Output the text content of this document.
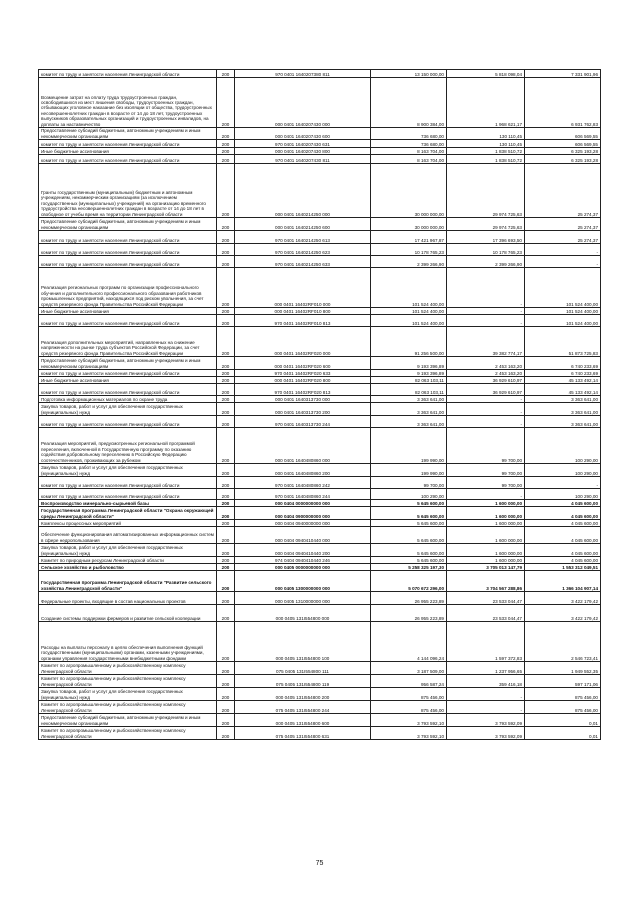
комитет по труду и занятости населения Ленинградской области	200	970 0401 1640207380 811	13 150 000,00	5 818 098,04	7 331 901,96
Возмещение затрат на оплату труда трудоустроенных граждан, освободившихся из мест лишения свободы, трудоустроенных граждан, отбывающих уголовное наказание без изоляции от общества, трудоустроенных несовершеннолетних граждан в возрасте от 14 до 18 лет, трудоустроенных выпускников образовательных организаций и трудоустроенных инвалидов, на доплаты за наставничество	200	000 0401 1640207430 000	8 900 384,00	1 968 621,17	6 931 762,83
Предоставление субсидий бюджетным, автономным учреждениям и иным некоммерческим организациям	200	000 0401 1640207430 600	736 680,00	130 110,45	606 569,55
комитет по труду и занятости населения Ленинградской области	200	970 0401 1640207430 631	736 680,00	130 110,45	606 569,55
Иные бюджетные ассигнования	200	000 0401 1640207430 800	8 163 704,00	1 838 510,72	6 325 193,28
комитет по труду и занятости населения Ленинградской области	200	970 0401 1640207430 811	8 163 704,00	1 838 510,72	6 325 193,28
Гранты государственным (муниципальным) бюджетным и автономным учреждениям, некоммерческим организациям (за исключением государственных (муниципальных) учреждений) на организацию временного трудоустройства несовершеннолетних граждан в возрасте от 14 до 18 лет в свободное от учебы время на территории Ленинградской области	200	000 0401 1640214250 000	30 000 000,00	29 974 725,63	25 274,37
Предоставление субсидий бюджетным, автономным учреждениям и иным некоммерческим организациям	200	000 0401 1640214250 600	30 000 000,00	29 974 725,63	25 274,37
комитет по труду и занятости населения Ленинградской области	200	970 0401 1640214250 613	17 421 967,87	17 396 693,50	25 274,37
комитет по труду и занятости населения Ленинградской области	200	970 0401 1640214250 623	10 178 765,23	10 178 765,23	-
комитет по труду и занятости населения Ленинградской области	200	970 0401 1640214250 633	2 399 266,90	2 399 266,90	-
Реализация региональных программ по организации профессионального обучения и дополнительного профессионального образования работников промышленных предприятий, находящихся под риском увольнения, за счет средств резервного фонда Правительства Российской Федерации	200	000 0401 16402RF010 000	101 524 400,00	-	101 524 400,00
Иные бюджетные ассигнования	200	000 0401 16402RF010 800	101 524 400,00	-	101 524 400,00
комитет по труду и занятости населения Ленинградской области	200	970 0401 16402RF010 813	101 524 400,00	-	101 524 400,00
Реализация дополнительных мероприятий, направленных на снижение напряженности на рынке труда субъектов Российской Федерации, за счет средств резервного фонда Правительства Российской Федерации	200	000 0401 16402RF020 000	91 256 500,00	39 382 774,17	51 873 725,83
Предоставление субсидий бюджетным, автономным учреждениям и иным некоммерческим организациям	200	000 0401 16402RF020 600	9 193 396,89	2 453 163,20	6 740 233,69
комитет по труду и занятости населения Ленинградской области	200	970 0401 16402RF020 633	9 193 396,89	2 453 163,20	6 740 233,69
Иные бюджетные ассигнования	200	000 0401 16402RF020 800	82 063 103,11	36 929 610,97	45 133 492,14
комитет по труду и занятости населения Ленинградской области	200	970 0401 16402RF020 813	82 063 103,11	36 929 610,97	45 133 492,14
Подготовка информационных материалов по охране труда	200	000 0401 1640313730 000	3 363 641,00	-	3 363 641,00
Закупка товаров, работ и услуг для обеспечения государственных (муниципальных) нужд	200	000 0401 1640313730 200	3 363 641,00	-	3 363 641,00
комитет по труду и занятости населения Ленинградской области	200	970 0401 1640313730 244	3 363 641,00	-	3 363 641,00
Реализация мероприятий, предусмотренных региональной программой переселения, включенной в Государственную программу по оказанию содействия добровольному переселению в Российскую Федерацию соотечественников, проживающих за рубежом	200	000 0401 1640480860 000	199 990,00	99 700,00	100 290,00
Закупка товаров, работ и услуг для обеспечения государственных (муниципальных) нужд	200	000 0401 1640480860 200	199 990,00	99 700,00	100 290,00
комитет по труду и занятости населения Ленинградской области	200	970 0401 1640480860 242	99 700,00	99 700,00	-
комитет по труду и занятости населения Ленинградской области	200	970 0401 1640480860 244	100 290,00	-	100 290,00
Воспроизводство минерально-сырьевой базы	200	000 0404 0000000000 000	5 645 600,00	1 600 000,00	4 045 600,00
Государственная программа Ленинградской области "Охрана окружающей среды Ленинградской области"	200	000 0404 0900000000 000	5 645 600,00	1 600 000,00	4 045 600,00
Комплексы процессных мероприятий	200	000 0404 0940000000 000	5 645 600,00	1 600 000,00	4 045 600,00
Обеспечение функционирования автоматизированных информационных систем в сфере недропользования	200	000 0404 0940410440 000	5 645 600,00	1 600 000,00	4 045 600,00
Закупка товаров, работ и услуг для обеспечения государственных (муниципальных) нужд	200	000 0404 0940410440 200	5 645 600,00	1 600 000,00	4 045 600,00
Комитет по природным ресурсам Ленинградской области	200	974 0404 0940410440 246	5 645 600,00	1 600 000,00	4 045 600,00
Сельское хозяйство и рыболовство	200	000 0405 0000000000 000	5 258 325 197,30	3 705 013 147,79	1 553 312 049,51
Государственная программа Ленинградской области "Развитие сельского хозяйства Ленинградской области"	200	000 0405 1300000000 000	5 070 672 296,00	3 704 567 288,86	1 366 104 907,14
Федеральные проекты, входящие в состав национальных проектов	200	000 0405 1310000000 000	26 955 223,89	23 533 044,47	3 422 179,42
Создание системы поддержки фермеров и развитие сельской кооперации	200	000 0405 131I554800 000	26 955 223,89	23 533 044,47	3 422 179,42
Расходы на выплаты персоналу в целях обеспечения выполнения функций государственными (муниципальными) органами, казенными учреждениями, органами управления государственными внебюджетными фондами	200	000 0405 131I554800 100	4 144 096,24	1 597 372,83	2 546 723,41
Комитет по агропромышленному и рыбохозяйственному комплексу Ленинградской области	200	075 0405 131I554800 111	3 187 509,00	1 237 956,65	1 949 552,35
Комитет по агропромышленному и рыбохозяйственному комплексу Ленинградской области	200	075 0405 131I554800 119	956 587,24	359 416,18	597 171,06
Закупка товаров, работ и услуг для обеспечения государственных (муниципальных) нужд	200	000 0405 131I554800 200	875 456,00	-	875 456,00
Комитет по агропромышленному и рыбохозяйственному комплексу Ленинградской области	200	075 0405 131I554800 244	875 456,00	-	875 456,00
Предоставление субсидий бюджетным, автономным учреждениям и иным некоммерческим организациям	200	000 0405 131I554800 600	3 793 592,10	3 793 592,09	0,01
Комитет по агропромышленному и рыбохозяйственному комплексу Ленинградской области	200	075 0405 131I554800 631	3 793 592,10	3 793 592,09	0,01
75
